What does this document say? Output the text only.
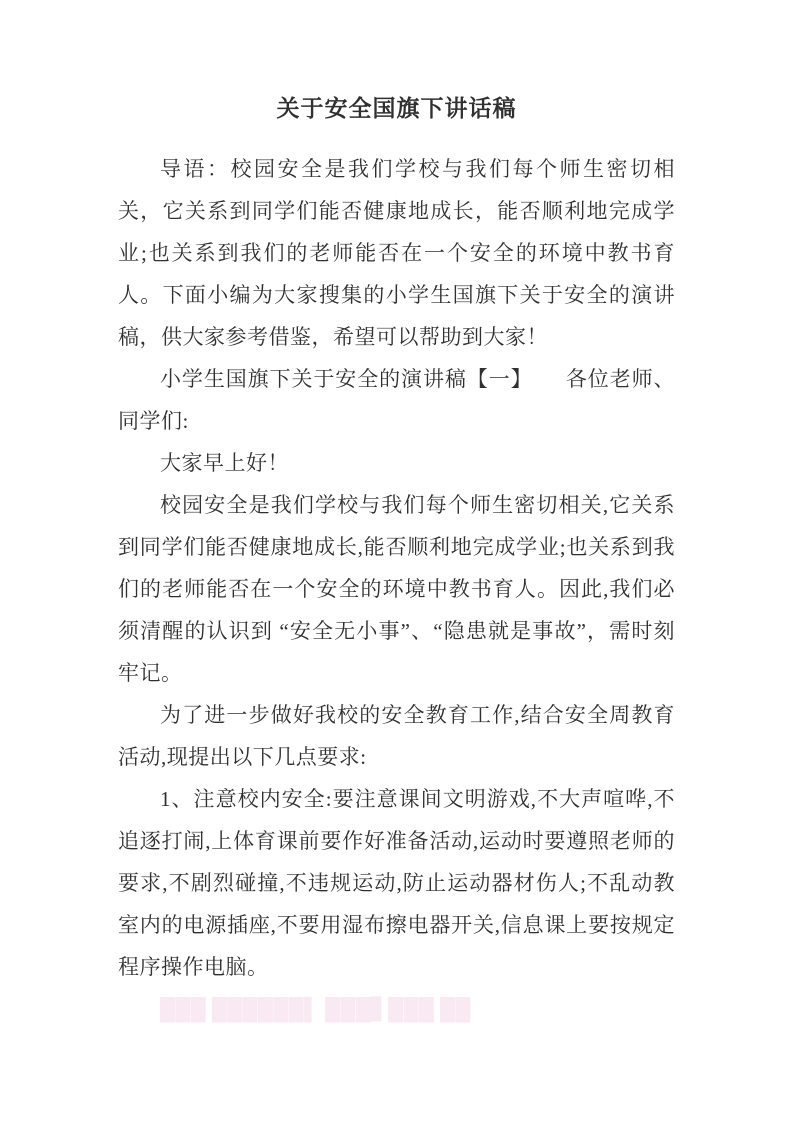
关于安全国旗下讲话稿

导语：校园安全是我们学校与我们每个师生密切相关，它关系到同学们能否健康地成长，能否顺利地完成学业;也关系到我们的老师能否在一个安全的环境中教书育人。下面小编为大家搜集的小学生国旗下关于安全的演讲稿，供大家参考借鉴，希望可以帮助到大家！

小学生国旗下关于安全的演讲稿【一】　　各位老师、同学们:

大家早上好！

校园安全是我们学校与我们每个师生密切相关,它关系到同学们能否健康地成长,能否顺利地完成学业;也关系到我们的老师能否在一个安全的环境中教书育人。因此,我们必须清醒的认识到 “安全无小事”、“隐患就是事故”，需时刻牢记。

为了进一步做好我校的安全教育工作,结合安全周教育活动,现提出以下几点要求:

1、注意校内安全:要注意课间文明游戏,不大声喧哗,不追逐打闹,上体育课前要作好准备活动,运动时要遵照老师的要求,不剧烈碰撞,不违规运动,防止运动器材伤人;不乱动教室内的电源插座,不要用湿布擦电器开关,信息课上要按规定程序操作电脑。

███ ██████▌ ███▋███ ██
